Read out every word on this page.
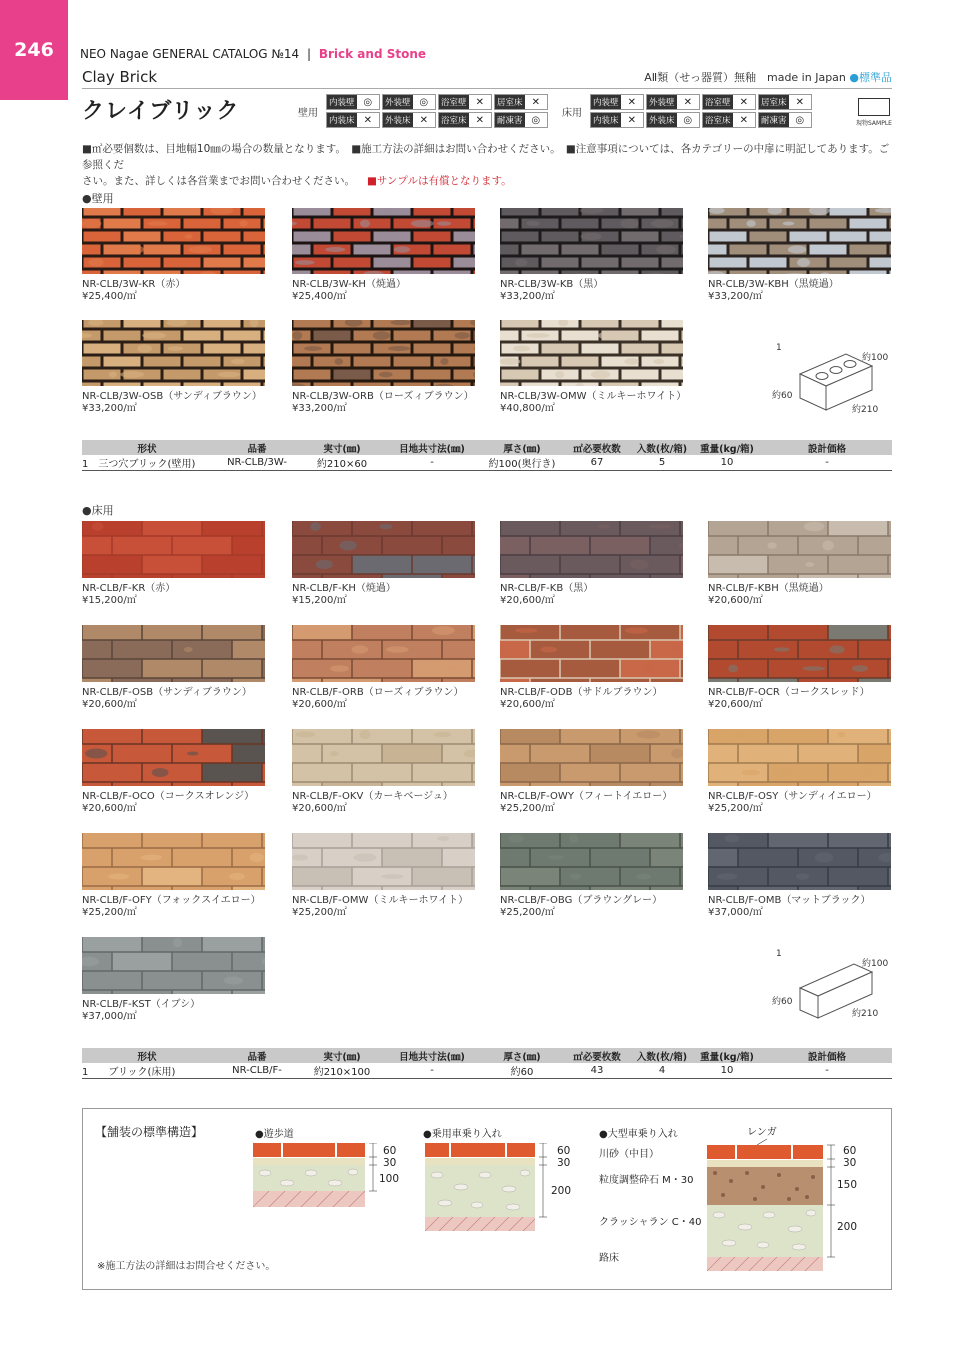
246	NEO Nagae GENERAL CATALOG №14 | Brick and Stone
Clay Brick	AⅡ類（せっ器質）無釉　made in Japan ●標準品
クレイブリック	壁用
内装壁 ◎	外装壁 ◎	浴室壁 ✕	居室床 ✕
内装床 ✕	外装床 ✕	浴室床 ✕	耐凍害 ◎
床用
内装壁 ✕	外装壁 ✕	浴室壁 ✕	居室床 ✕
内装床 ✕	外装床 ◎	浴室床 ✕	耐凍害 ◎	現物SAMPLE
■㎡必要個数は、目地幅10㎜の場合の数量となります。　■施工方法の詳細はお問い合わせください。　■注意事項については、各カテゴリーの中扉に明記してあります。ご参照くだ
さい。また、詳しくは各営業までお問い合わせください。 ■サンプルは有償となります。
●壁用
NR-CLB/3W-KR（赤）
¥25,400/㎡
NR-CLB/3W-KH（焼過）
¥25,400/㎡
NR-CLB/3W-KB（黒）
¥33,200/㎡
NR-CLB/3W-KBH（黒焼過）
¥33,200/㎡
NR-CLB/3W-OSB（サンディブラウン）
¥33,200/㎡
NR-CLB/3W-ORB（ローズィブラウン）
¥33,200/㎡
NR-CLB/3W-OMW（ミルキーホワイト）
¥40,800/㎡
1
約100
約60
約210
形状	品番	実寸(㎜)	目地共寸法(㎜)	厚さ(㎜)	㎡必要枚数	入数(枚/箱)	重量(kg/箱)	設計価格
1　三つ穴ブリック(壁用)	NR-CLB/3W-	約210×60	-	約100(奥行き)	67	5	10	-
●床用
NR-CLB/F-KR（赤）
¥15,200/㎡
NR-CLB/F-KH（焼過）
¥15,200/㎡
NR-CLB/F-KB（黒）
¥20,600/㎡
NR-CLB/F-KBH（黒焼過）
¥20,600/㎡
NR-CLB/F-OSB（サンディブラウン）
¥20,600/㎡
NR-CLB/F-ORB（ローズィブラウン）
¥20,600/㎡
NR-CLB/F-ODB（サドルブラウン）
¥20,600/㎡
NR-CLB/F-OCR（コークスレッド）
¥20,600/㎡
NR-CLB/F-OCO（コークスオレンジ）
¥20,600/㎡
NR-CLB/F-OKV（カーキベージュ）
¥20,600/㎡
NR-CLB/F-OWY（フィートイエロー）
¥25,200/㎡
NR-CLB/F-OSY（サンディイエロー）
¥25,200/㎡
NR-CLB/F-OFY（フォックスイエロー）
¥25,200/㎡
NR-CLB/F-OMW（ミルキーホワイト）
¥25,200/㎡
NR-CLB/F-OBG（ブラウングレー）
¥25,200/㎡
NR-CLB/F-OMB（マットブラック）
¥37,000/㎡
NR-CLB/F-KST（イブシ）
¥37,000/㎡
1
約100
約60
約210
形状	品番	実寸(㎜)	目地共寸法(㎜)	厚さ(㎜)	㎡必要枚数	入数(枚/箱)	重量(kg/箱)	設計価格
1　　ブリック(床用)	NR-CLB/F-	約210×100	-	約60	43	4	10	-
【舗装の標準構造】
※施工方法の詳細はお問合せください。
●遊歩道
60
30
100
●乗用車乗り入れ
60
30
200
●大型車乗り入れ	レンガ
川砂（中目）
粒度調整砕石 M・30
クラッシャラン C・40
路床
60
30
150
200
